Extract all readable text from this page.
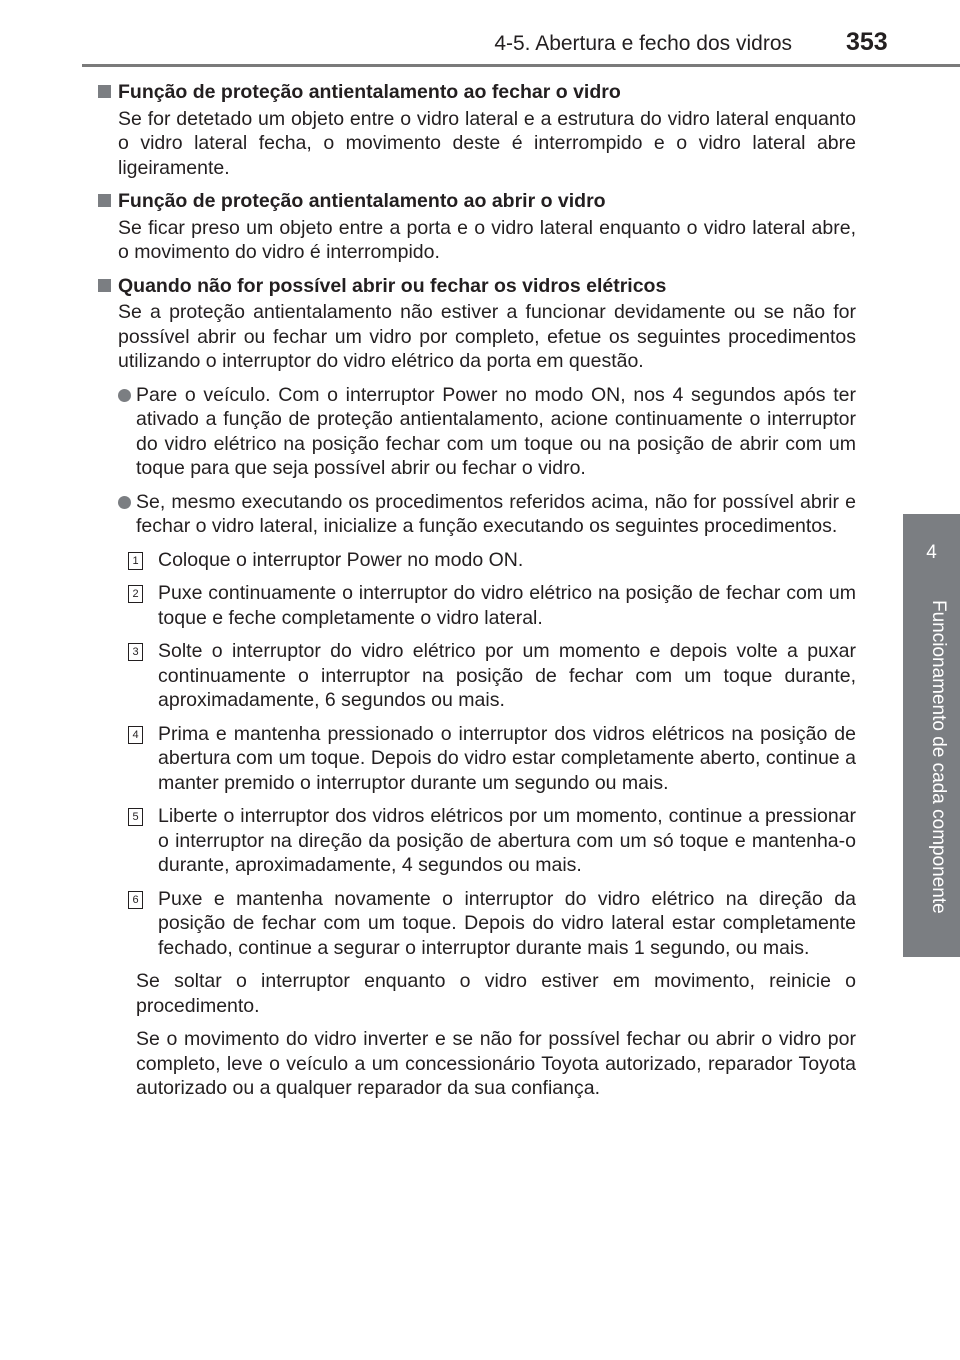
4-5. Abertura e fecho dos vidros 353
4
Funcionamento de cada componente
Função de proteção antientalamento ao fechar o vidro

Se for detetado um objeto entre o vidro lateral e a estrutura do vidro lateral enquanto o vidro lateral fecha, o movimento deste é interrompido e o vidro lateral abre ligeiramente.

Função de proteção antientalamento ao abrir o vidro

Se ficar preso um objeto entre a porta e o vidro lateral enquanto o vidro lateral abre, o movimento do vidro é interrompido.

Quando não for possível abrir ou fechar os vidros elétricos

Se a proteção antientalamento não estiver a funcionar devidamente ou se não for possível abrir ou fechar um vidro por completo, efetue os seguintes procedimentos utilizando o interruptor do vidro elétrico da porta em questão.

Pare o veículo. Com o interruptor Power no modo ON, nos 4 segundos após ter ativado a função de proteção antientalamento, acione continuamente o interruptor do vidro elétrico na posição fechar com um toque ou na posição de abrir com um toque para que seja possível abrir ou fechar o vidro.
Se, mesmo executando os procedimentos referidos acima, não for possível abrir e fechar o vidro lateral, inicialize a função executando os seguintes procedimentos.
1 Coloque o interruptor Power no modo ON.
2 Puxe continuamente o interruptor do vidro elétrico na posição de fechar com um toque e feche completamente o vidro lateral.
3 Solte o interruptor do vidro elétrico por um momento e depois volte a puxar continuamente o interruptor na posição de fechar com um toque durante, aproximadamente, 6 segundos ou mais.
4 Prima e mantenha pressionado o interruptor dos vidros elétricos na posição de abertura com um toque. Depois do vidro estar completamente aberto, continue a manter premido o interruptor durante um segundo ou mais.
5 Liberte o interruptor dos vidros elétricos por um momento, continue a pressionar o interruptor na direção da posição de abertura com um só toque e mantenha-o durante, aproximadamente, 4 segundos ou mais.
6 Puxe e mantenha novamente o interruptor do vidro elétrico na direção da posição de fechar com um toque. Depois do vidro lateral estar completamente fechado, continue a segurar o interruptor durante mais 1 segundo, ou mais.

Se soltar o interruptor enquanto o vidro estiver em movimento, reinicie o procedimento.

Se o movimento do vidro inverter e se não for possível fechar ou abrir o vidro por completo, leve o veículo a um concessionário Toyota autorizado, reparador Toyota autorizado ou a qualquer reparador da sua confiança.
